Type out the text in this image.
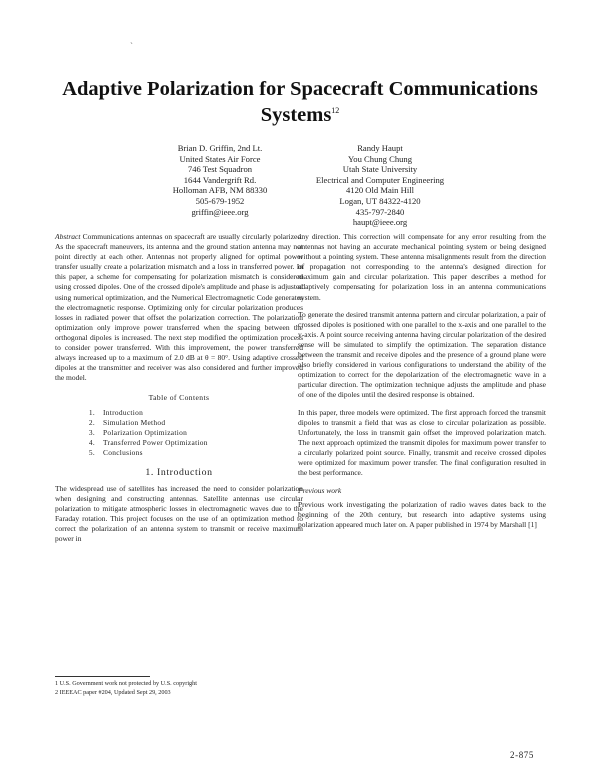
`
Adaptive Polarization for Spacecraft Communications
Systems$^{12}$
Brian D. Griffin, 2nd Lt.
United States Air Force
746 Test Squadron
1644 Vandergrift Rd.
Holloman AFB, NM 88330
505-679-1952
griffin@ieee.org
Randy Haupt
You Chung Chung
Utah State University
Electrical and Computer Engineering
4120 Old Main Hill
Logan, UT 84322-4120
435-797-2840
haupt@ieee.org

Abstract Communications antennas on spacecraft are usually circularly polarized. As the spacecraft maneuvers, its antenna and the ground station antenna may not point directly at each other. Antennas not properly aligned for optimal power transfer usually create a polarization mismatch and a loss in transferred power. In this paper, a scheme for compensating for polarization mismatch is considered using crossed dipoles. One of the crossed dipole's amplitude and phase is adjusted using numerical optimization, and the Numerical Electromagnetic Code generates the electromagnetic response. Optimizing only for circular polarization produces losses in radiated power that offset the polarization correction. The polarization optimization only improve power transferred when the spacing between the orthogonal dipoles is increased. The next step modified the optimization process to consider power transferred. With this improvement, the power transferred always increased up to a maximum of 2.0 dB at θ = 80°. Using adaptive crossed dipoles at the transmitter and receiver was also considered and further improved the model.

Table of Contents
1.	Introduction
2.	Simulation Method
3.	Polarization Optimization
4.	Transferred Power Optimization
5.	Conclusions
1. Introduction

The widespread use of satellites has increased the need to consider polarization when designing and constructing antennas. Satellite antennas use circular polarization to mitigate atmospheric losses in electromagnetic waves due to the Faraday rotation. This project focuses on the use of an optimization method to correct the polarization of an antenna system to transmit or receive maximum power in

any direction. This correction will compensate for any error resulting from the antennas not having an accurate mechanical pointing system or being designed without a pointing system. These antenna misalignments result from the direction of propagation not corresponding to the antenna's designed direction for maximum gain and circular polarization. This paper describes a method for adaptively compensating for polarization loss in an antenna communications system.

To generate the desired transmit antenna pattern and circular polarization, a pair of crossed dipoles is positioned with one parallel to the x-axis and one parallel to the y-axis. A point source receiving antenna having circular polarization of the desired sense will be simulated to simplify the optimization. The separation distance between the transmit and receive dipoles and the presence of a ground plane were also briefly considered in various configurations to understand the ability of the optimization to correct for the depolarization of the electromagnetic wave in a particular direction. The optimization technique adjusts the amplitude and phase of one of the dipoles until the desired response is obtained.

In this paper, three models were optimized. The first approach forced the transmit dipoles to transmit a field that was as close to circular polarization as possible. Unfortunately, the loss in transmit gain offset the improved polarization match. The next approach optimized the transmit dipoles for maximum power transfer to a circularly polarized point source. Finally, transmit and receive crossed dipoles were optimized for maximum power transfer. The final configuration resulted in the best performance.

Previous work

Previous work investigating the polarization of radio waves dates back to the beginning of the 20th century, but research into adaptive systems using polarization appeared much later on. A paper published in 1974 by Marshall [1]

1 U.S. Government work not protected by U.S. copyright
2 IEEEAC paper #204, Updated Sept 29, 2003
2-875
